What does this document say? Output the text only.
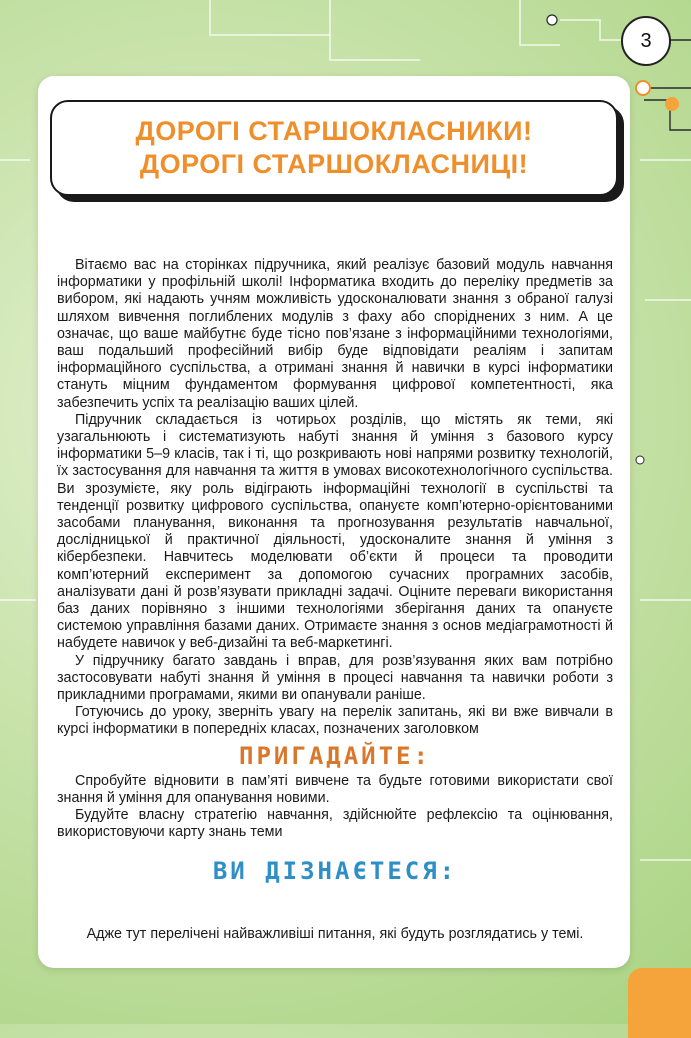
3
ДОРОГІ СТАРШОКЛАСНИКИ!
ДОРОГІ СТАРШОКЛАСНИЦІ!

Вітаємо вас на сторінках підручника, який реалізує базовий модуль навчання інформатики у профільній школі! Інформатика входить до переліку предметів за вибором, які надають учням можливість удосконалювати знання з обраної галузі шляхом вивчення поглиблених модулів з фаху або споріднених з ним. А це означає, що ваше майбутнє буде тісно пов’язане з інформаційними технологіями, ваш подальший професійний вибір буде відповідати реаліям і запитам інформаційного суспільства, а отримані знання й навички в курсі інформатики стануть міцним фундаментом формування цифрової компетентності, яка забезпечить успіх та реалізацію ваших цілей.

Підручник складається із чотирьох розділів, що містять як теми, які узагальнюють і систематизують набуті знання й уміння з базового курсу інформатики 5–9 класів, так і ті, що розкривають нові напрями розвитку технологій, їх застосування для навчання та життя в умовах високотехнологічного суспільства. Ви зрозумієте, яку роль відіграють інформаційні технології в суспільстві та тенденції розвитку цифрового суспільства, опануєте комп’ютерно-орієнтованими засобами планування, виконання та прогнозування результатів навчальної, дослідницької й практичної діяльності, удосконалите знання й уміння з кібербезпеки. Навчитесь моделювати об’єкти й процеси та проводити комп’ютерний експеримент за допомогою сучасних програмних засобів, аналізувати дані й розв’язувати прикладні задачі. Оціните переваги використання баз даних порівняно з іншими технологіями зберігання даних та опануєте системою управління базами даних. Отримаєте знання з основ медіаграмотності й набудете навичок у веб-дизайні та веб-маркетингі.

У підручнику багато завдань і вправ, для розв’язування яких вам потрібно застосовувати набуті знання й уміння в процесі навчання та навички роботи з прикладними програмами, якими ви опанували раніше.

Готуючись до уроку, зверніть увагу на перелік запитань, які ви вже вивчали в курсі інформатики в попередніх класах, позначених заголовком

ПРИГАДАЙТЕ:

Спробуйте відновити в пам’яті вивчене та будьте готовими використати свої знання й уміння для опанування новими.

Будуйте власну стратегію навчання, здійснюйте рефлексію та оцінювання, використовуючи карту знань теми

ВИ ДІЗНАЄТЕСЯ:
Адже тут перелічені найважливіші питання, які будуть розглядатись у темі.
